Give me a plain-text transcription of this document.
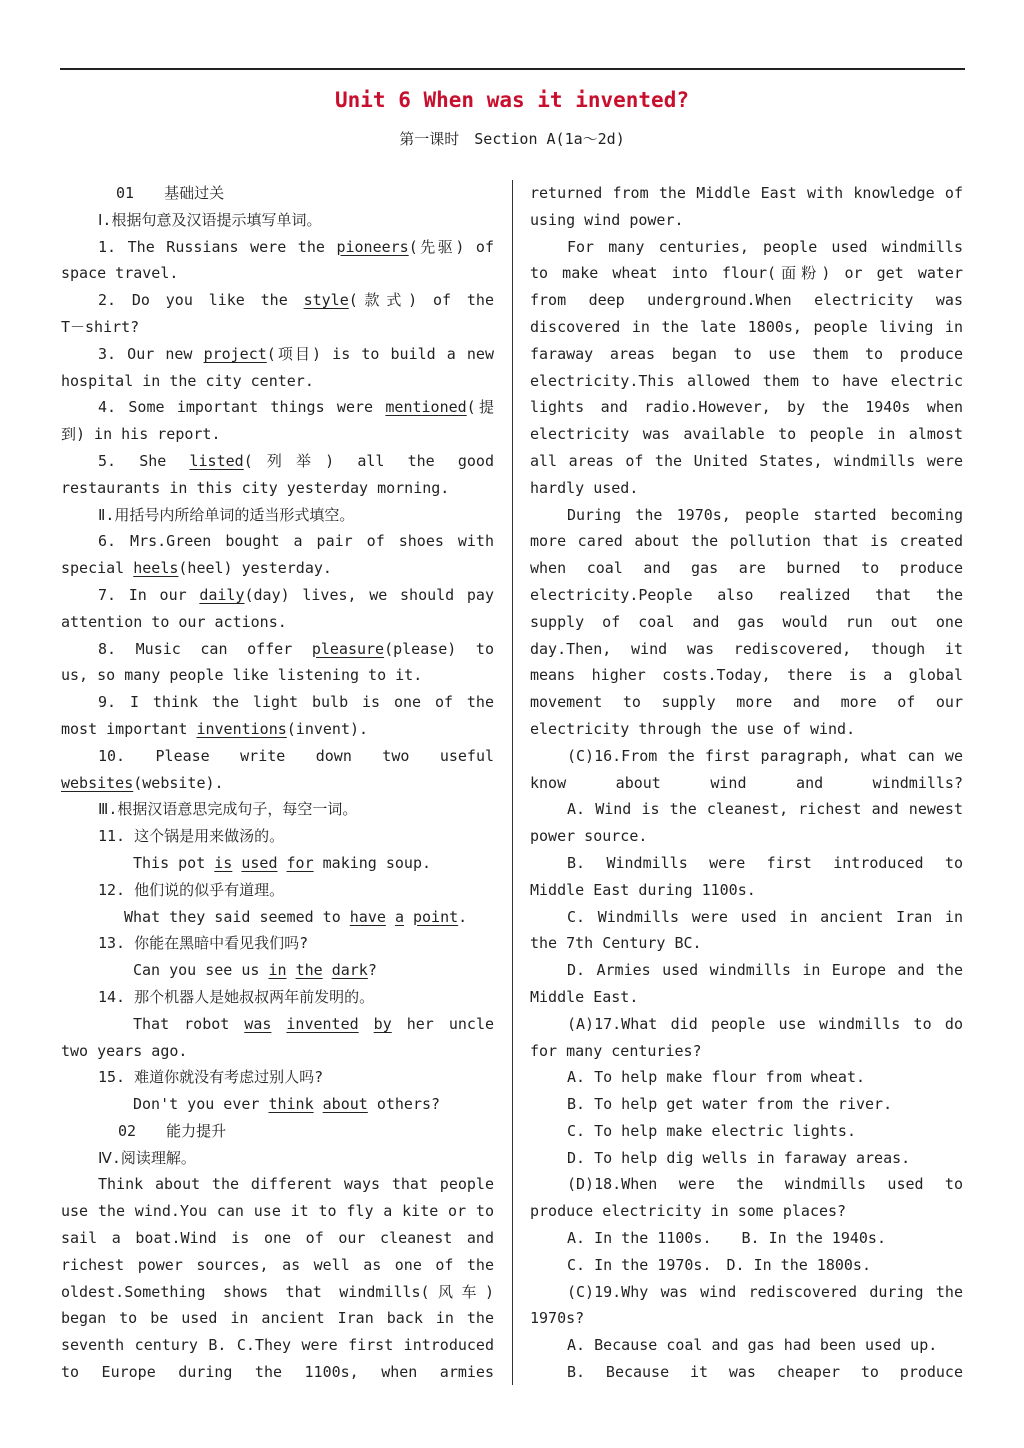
Unit 6 When was it invented?
第一课时　Section A(1a～2d)

01　　 基础过关

Ⅰ.根据句意及汉语提示填写单词。

1. The Russians were the pioneers(先驱) of

space travel.

2. Do you like the style(款式) of the

T－shirt?

3. Our new project(项目) is to build a new

hospital in the city center.

4. Some important things were mentioned(提

到) in his report.

5. She listed(列举) all the good

restaurants in this city yesterday morning.

Ⅱ.用括号内所给单词的适当形式填空。

6. Mrs.Green bought a pair of shoes with

special heels(heel) yesterday.

7. In our daily(day) lives, we should pay

attention to our actions.

8. Music can offer pleasure(please) to

us, so many people like listening to it.

9. I think the light bulb is one of the

most important inventions(invent).

10. Please write down two useful

websites(website).

Ⅲ.根据汉语意思完成句子，每空一词。

11. 这个锅是用来做汤的。

This pot is used for making soup.

12. 他们说的似乎有道理。

What they said seemed to have a point.

13. 你能在黑暗中看见我们吗?

Can you see us in the dark?

14. 那个机器人是她叔叔两年前发明的。

That robot was invented by her uncle

two years ago.

15. 难道你就没有考虑过别人吗?

Don't you ever think about others?

02　　 能力提升

Ⅳ.阅读理解。

Think about the different ways that people

use the wind.You can use it to fly a kite or to

sail a boat.Wind is one of our cleanest and

richest power sources, as well as one of the

oldest.Something shows that windmills(风车)

began to be used in ancient Iran back in the

seventh century B. C.They were first introduced

to Europe during the 1100s, when armies

returned from the Middle East with knowledge of

using wind power.

For many centuries, people used windmills

to make wheat into flour(面粉) or get water

from deep underground.When electricity was

discovered in the late 1800s, people living in

faraway areas began to use them to produce

electricity.This allowed them to have electric

lights and radio.However, by the 1940s when

electricity was available to people in almost

all areas of the United States, windmills were

hardly used.

During the 1970s, people started becoming

more cared about the pollution that is created

when coal and gas are burned to produce

electricity.People also realized that the

supply of coal and gas would run out one

day.Then, wind was rediscovered, though it

means higher costs.Today, there is a global

movement to supply more and more of our

electricity through the use of wind.

(C)16.From the first paragraph, what can we

know about wind and windmills?

A. Wind is the cleanest, richest and newest

power source.

B. Windmills were first introduced to

Middle East during 1100s.

C. Windmills were used in ancient Iran in

the 7th Century BC.

D. Armies used windmills in Europe and the

Middle East.

(A)17.What did people use windmills to do

for many centuries?

A. To help make flour from wheat.

B. To help get water from the river.

C. To help make electric lights.

D. To help dig wells in faraway areas.

(D)18.When were the windmills used to

produce electricity in some places?

A. In the 1100s.　　B. In the 1940s.

C. In the 1970s.　D. In the 1800s.

(C)19.Why was wind rediscovered during the

1970s?

A. Because coal and gas had been used up.

B. Because it was cheaper to produce
